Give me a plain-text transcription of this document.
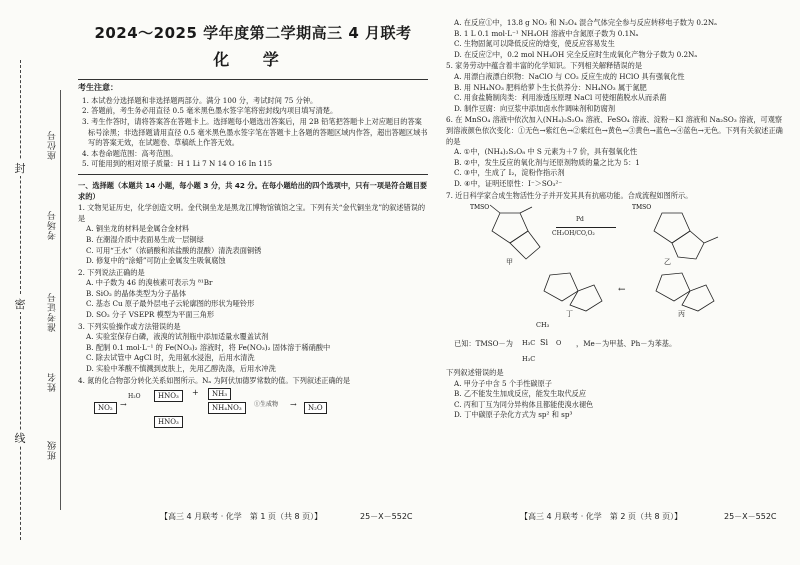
封
密
线
座位号
考场号
准考证号
姓名
班级
2024～2025 学年度第二学期高三 4 月联考
化 学
考生注意：
1. 本试卷分选择题和非选择题两部分。满分 100 分，考试时间 75 分钟。
2. 答题前，考生务必用直径 0.5 毫米黑色墨水签字笔将密封线内项目填写清楚。
3. 考生作答时，请将答案答在答题卡上。选择题每小题选出答案后，用 2B 铅笔把答题卡上对应题目的答案标号涂黑；非选择题请用直径 0.5 毫米黑色墨水签字笔在答题卡上各题的答题区域内作答，超出答题区域书写的答案无效，在试题卷、草稿纸上作答无效。
4. 本卷命题范围：高考范围。
5. 可能用到的相对原子质量：H 1 Li 7 N 14 O 16 In 115
一、选择题（本题共 14 小题，每小题 3 分，共 42 分。在每小题给出的四个选项中，只有一项是符合题目要求的）
1. 文物见证历史，化学创造文明。金代铜坐龙是黑龙江博物馆镇馆之宝。下列有关“金代铜坐龙”的叙述错误的是
A. 铜坐龙的材料是金属合金材料
B. 在潮湿介质中表面易生成一层铜绿
C. 可用“王水”（浓硝酸和浓盐酸的混酸）清洗表面铜锈
D. 修复中的“涂蜡”可防止金属发生吸氧腐蚀
2. 下列说法正确的是
A. 中子数为 46 的溴核素可表示为 ⁸¹Br
B. SiO₂ 的晶体类型为分子晶体
C. 基态 Cu 原子最外层电子云轮廓图的形状为哑铃形
D. SO₂ 分子 VSEPR 模型为平面三角形
3. 下列实验操作或方法错误的是
A. 实验室保存白磷，液溴的试剂瓶中添加适量水覆盖试剂
B. 配制 0.1 mol·L⁻¹ 的 Fe(NO₃)₂ 溶液时，将 Fe(NO₃)₂ 固体溶于稀硝酸中
C. 除去试管中 AgCl 时，先用氨水浸泡，后用水清洗
D. 实验中苯酸不慎溅到皮肤上，先用乙醇洗涤，后用水冲洗
4. 氮的化合物部分转化关系如图所示。Nₐ 为阿伏加德罗常数的值。下列叙述正确的是
NO₂ →
H₂O	HNO₃
HNO₃
+	NH₃
NH₄NO₃	①生成物 →	N₂O
【高三 4 月联考 · 化学　第 1 页（共 8 页）】	25－X－552C
A. 在反应①中，13.8 g NO₂ 和 N₂O₄ 混合气体完全参与反应转移电子数为 0.2Nₐ
B. 1 L 0.1 mol·L⁻¹ NH₄OH 溶液中含氮原子数为 0.1Nₐ
C. 生物固氮可以降低反应的焓变，使反应容易发生
D. 在反应②中，0.2 mol NH₄OH 完全反应时生成氧化产物分子数为 0.2Nₐ
5. 家务劳动中蕴含着丰富的化学知识。下列相关解释错误的是
A. 用漂白液漂白织物：NaClO 与 CO₂ 反应生成的 HClO 具有强氧化性
B. 用 NH₄NO₃ 肥料给萝卜生长供养分：NH₄NO₃ 属于氮肥
C. 用食盐腌制肉类：利用渗透压原理 NaCl 可使细菌脱水从而杀菌
D. 制作豆腐：向豆浆中添加卤水作调味剂和防腐剂
6. 在 MnSO₄ 溶液中依次加入(NH₄)₂S₂O₈ 溶液、FeSO₄ 溶液、淀粉－KI 溶液和 Na₂SO₃ 溶液，可观察到溶液颜色依次变化：①无色→紫红色→②紫红色→黄色→③黄色→蓝色→④蓝色→无色。下列有关叙述正确的是
A. ①中，(NH₄)₂S₂O₈ 中 S 元素为＋7 价，具有强氧化性
B. ②中，发生反应的氧化剂与还原剂物质的量之比为 5：1
C. ③中，生成了 I₂，淀粉作指示剂
D. ④中，证明还原性：I⁻＞SO₃²⁻
7. 近日科学家合成生物活性分子并开发其具有抗癌功能。合成流程如图所示。
TMSO
甲
Pd
CH₃OH/CO,O₂
TMSO
乙
丁
←
丙
已知：TMSO－为
CH₃
H₃C Si O
H₃C
，Me－为甲基、Ph－为苯基。
下列叙述错误的是
A. 甲分子中含 5 个手性碳原子
B. 乙不能发生加成反应，能发生取代反应
C. 丙和丁互为同分异构体且都能使溴水褪色
D. 丁中碳原子杂化方式为 sp² 和 sp³
【高三 4 月联考 · 化学　第 2 页（共 8 页）】	25－X－552C
